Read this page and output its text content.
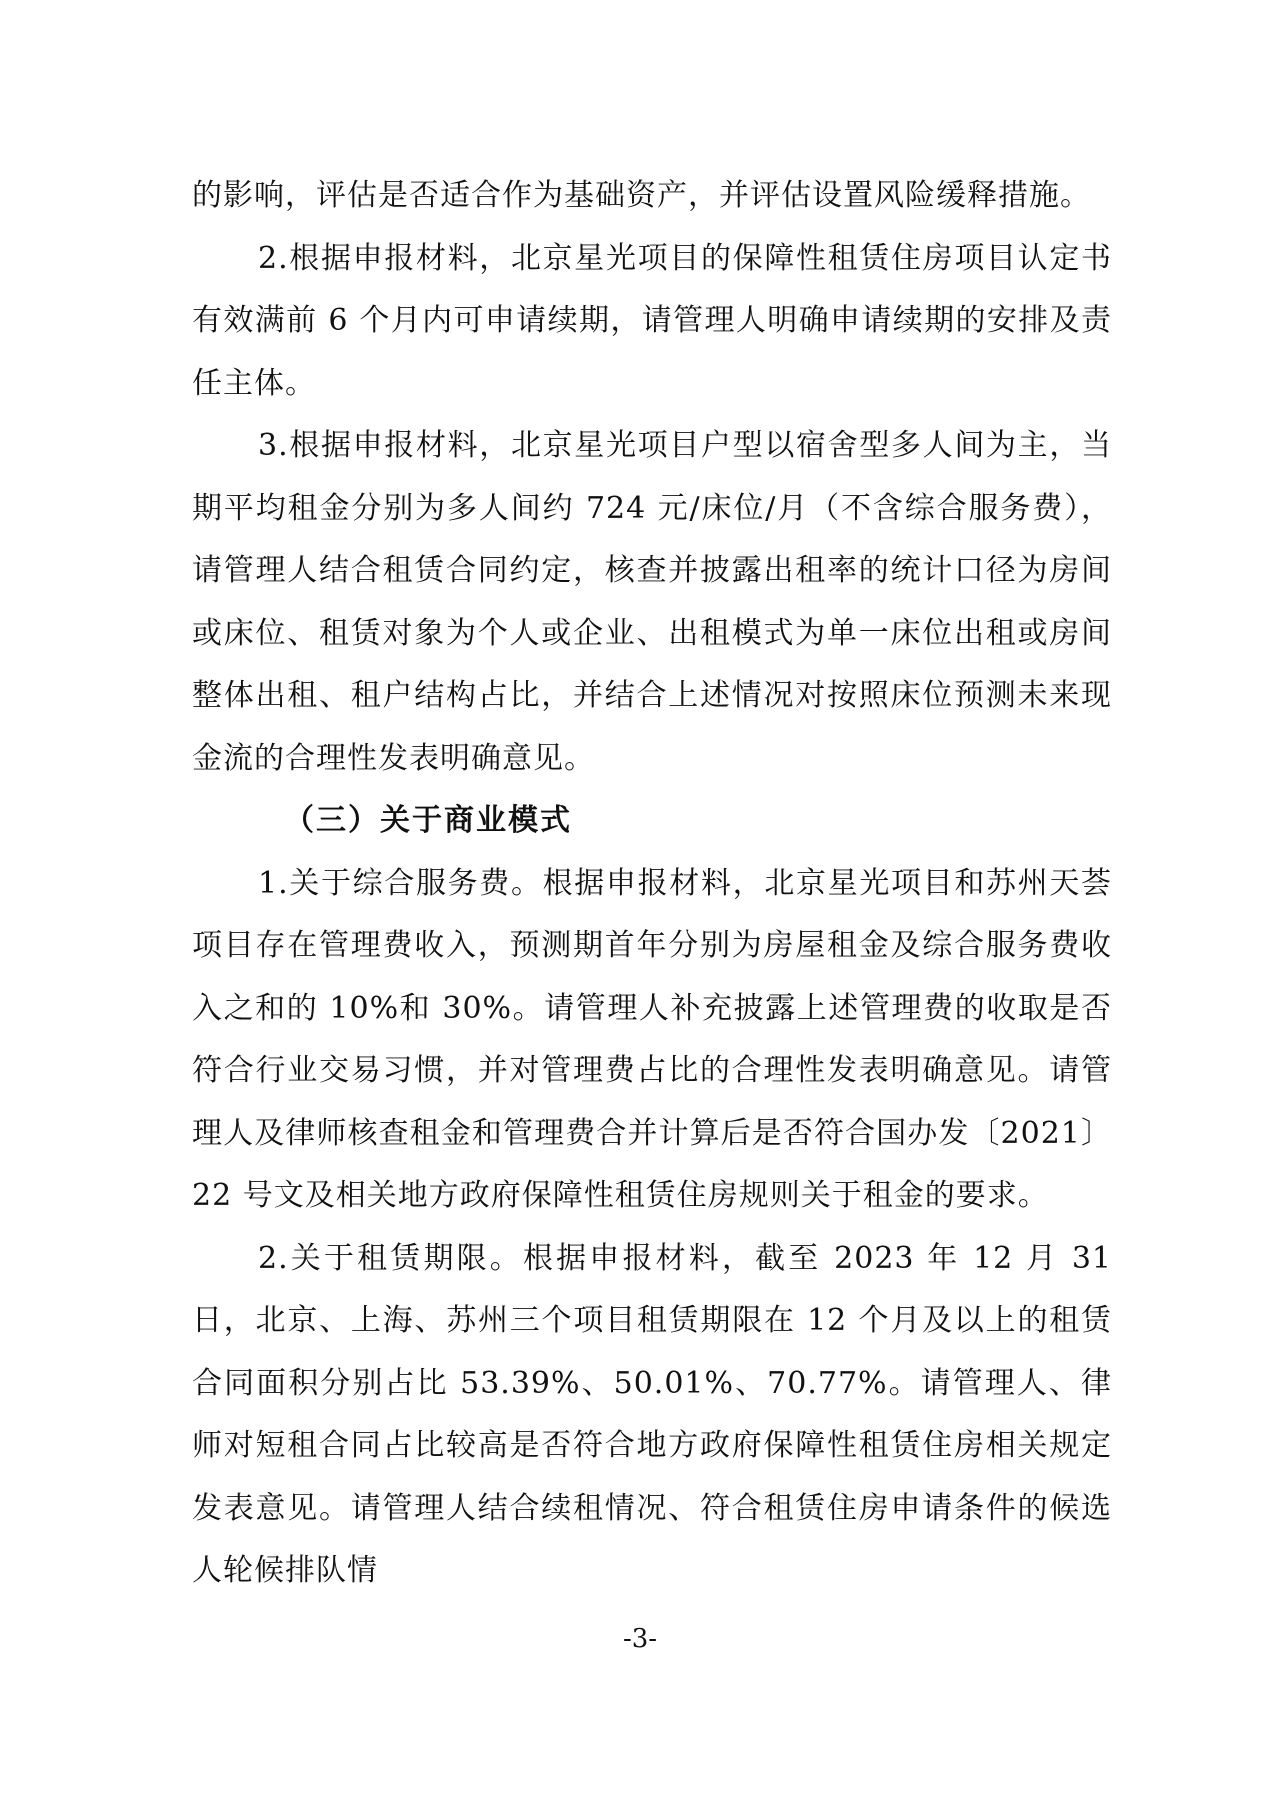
的影响，评估是否适合作为基础资产，并评估设置风险缓释措施。

2.根据申报材料，北京星光项目的保障性租赁住房项目认定书有效满前 6 个月内可申请续期，请管理人明确申请续期的安排及责任主体。

3.根据申报材料，北京星光项目户型以宿舍型多人间为主，当期平均租金分别为多人间约 724 元/床位/月（不含综合服务费），请管理人结合租赁合同约定，核查并披露出租率的统计口径为房间或床位、租赁对象为个人或企业、出租模式为单一床位出租或房间整体出租、租户结构占比，并结合上述情况对按照床位预测未来现金流的合理性发表明确意见。

（三）关于商业模式

1.关于综合服务费。根据申报材料，北京星光项目和苏州天荟项目存在管理费收入，预测期首年分别为房屋租金及综合服务费收入之和的 10%和 30%。请管理人补充披露上述管理费的收取是否符合行业交易习惯，并对管理费占比的合理性发表明确意见。请管理人及律师核查租金和管理费合并计算后是否符合国办发〔2021〕22 号文及相关地方政府保障性租赁住房规则关于租金的要求。

2.关于租赁期限。根据申报材料，截至 2023 年 12 月 31 日，北京、上海、苏州三个项目租赁期限在 12 个月及以上的租赁合同面积分别占比 53.39%、50.01%、70.77%。请管理人、律师对短租合同占比较高是否符合地方政府保障性租赁住房相关规定发表意见。请管理人结合续租情况、符合租赁住房申请条件的候选人轮候排队情

-3-
